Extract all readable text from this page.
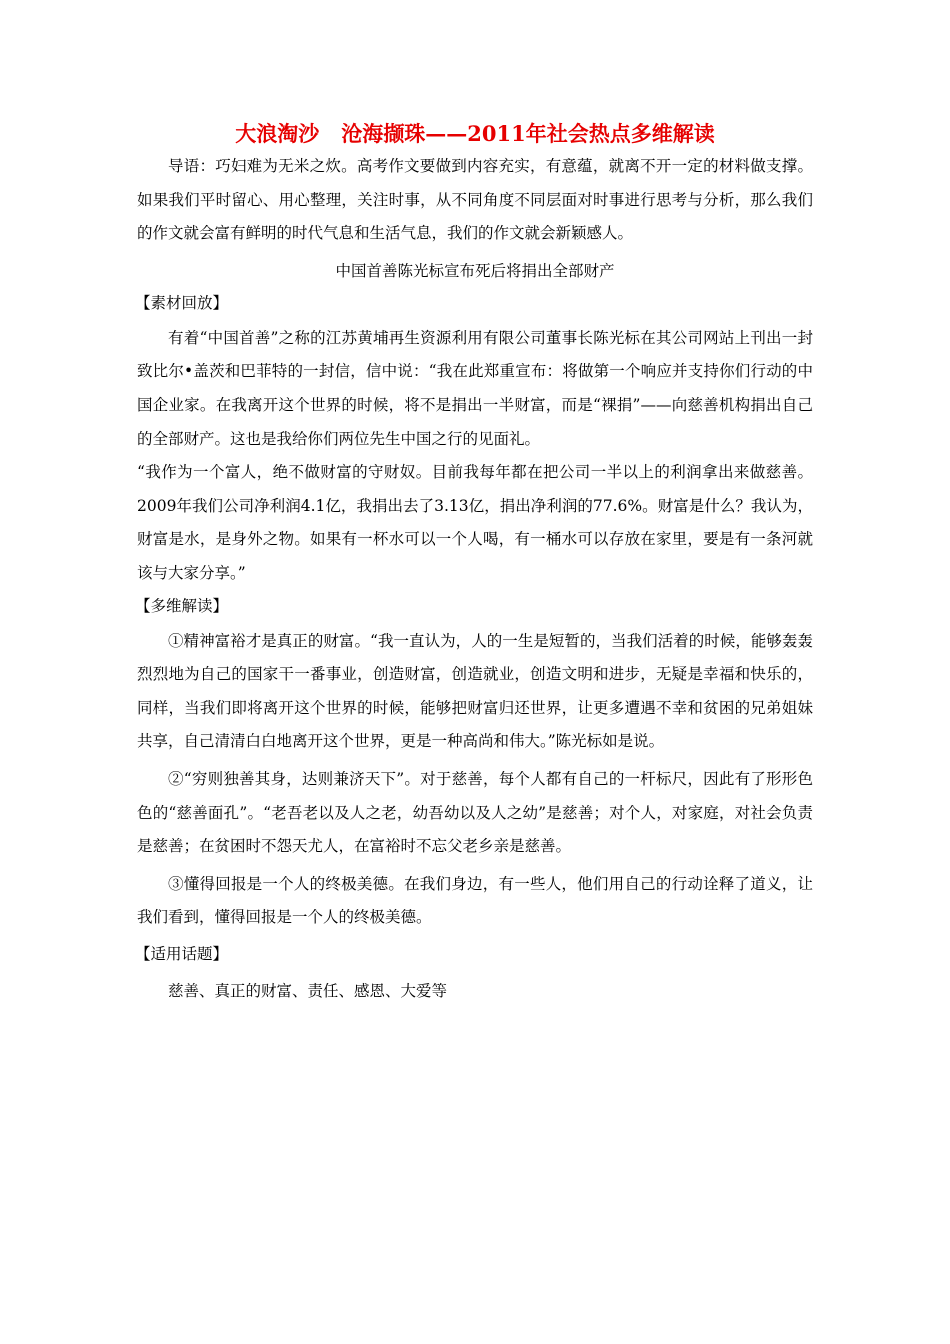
大浪淘沙 沧海撷珠——2011年社会热点多维解读

导语：巧妇难为无米之炊。高考作文要做到内容充实，有意蕴，就离不开一定的材料做支撑。如果我们平时留心、用心整理，关注时事，从不同角度不同层面对时事进行思考与分析，那么我们的作文就会富有鲜明的时代气息和生活气息，我们的作文就会新颖感人。

中国首善陈光标宣布死后将捐出全部财产

【素材回放】

有着“中国首善”之称的江苏黄埔再生资源利用有限公司董事长陈光标在其公司网站上刊出一封致比尔•盖茨和巴菲特的一封信，信中说：“我在此郑重宣布：将做第一个响应并支持你们行动的中国企业家。在我离开这个世界的时候，将不是捐出一半财富，而是“裸捐”——向慈善机构捐出自己的全部财产。这也是我给你们两位先生中国之行的见面礼。

“我作为一个富人，绝不做财富的守财奴。目前我每年都在把公司一半以上的利润拿出来做慈善。2009年我们公司净利润4.1亿，我捐出去了3.13亿，捐出净利润的77.6%。财富是什么？我认为，财富是水，是身外之物。如果有一杯水可以一个人喝，有一桶水可以存放在家里，要是有一条河就该与大家分享。”

【多维解读】

①精神富裕才是真正的财富。“我一直认为，人的一生是短暂的，当我们活着的时候，能够轰轰烈烈地为自己的国家干一番事业，创造财富，创造就业，创造文明和进步，无疑是幸福和快乐的，同样，当我们即将离开这个世界的时候，能够把财富归还世界，让更多遭遇不幸和贫困的兄弟姐妹共享，自己清清白白地离开这个世界，更是一种高尚和伟大。”陈光标如是说。

②“穷则独善其身，达则兼济天下”。对于慈善，每个人都有自己的一杆标尺，因此有了形形色色的“慈善面孔”。“老吾老以及人之老，幼吾幼以及人之幼”是慈善；对个人，对家庭，对社会负责是慈善；在贫困时不怨天尤人，在富裕时不忘父老乡亲是慈善。

③懂得回报是一个人的终极美德。在我们身边，有一些人，他们用自己的行动诠释了道义，让我们看到，懂得回报是一个人的终极美德。

【适用话题】

慈善、真正的财富、责任、感恩、大爱等
